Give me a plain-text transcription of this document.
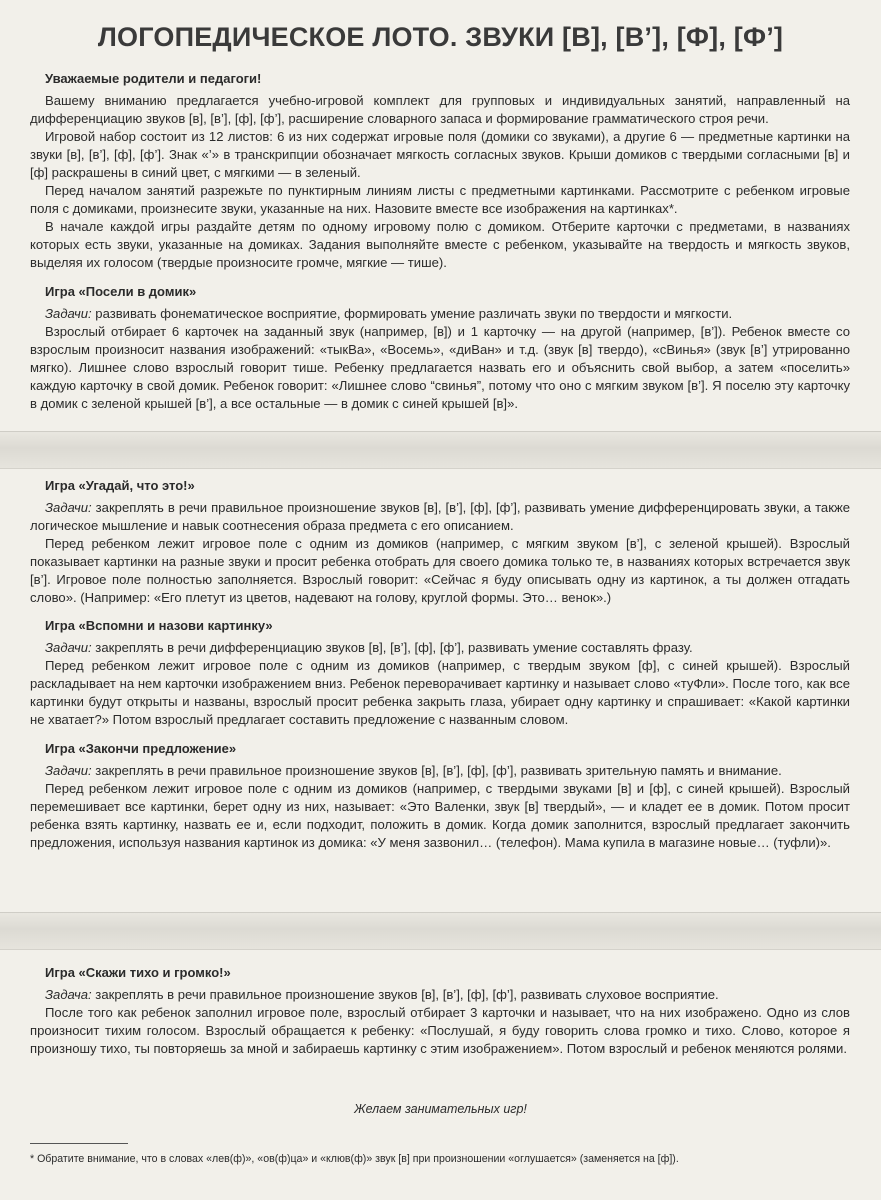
ЛОГОПЕДИЧЕСКОЕ ЛОТО. ЗВУКИ [В], [В’], [Ф], [Ф’]
Уважаемые родители и педагоги!

Вашему вниманию предлагается учебно-игровой комплект для групповых и индивидуальных занятий, направленный на дифференциацию звуков [в], [в’], [ф], [ф’], расширение словарного запаса и формирование грамматического строя речи.

Игровой набор состоит из 12 листов: 6 из них содержат игровые поля (домики со звуками), а другие 6 — предметные картинки на звуки [в], [в’], [ф], [ф’]. Знак «’» в транскрипции обозначает мягкость согласных звуков. Крыши домиков с твердыми согласными [в] и [ф] раскрашены в синий цвет, с мягкими — в зеленый.

Перед началом занятий разрежьте по пунктирным линиям листы с предметными картинками. Рассмотрите с ребенком игровые поля с домиками, произнесите звуки, указанные на них. Назовите вместе все изображения на картинках*.

В начале каждой игры раздайте детям по одному игровому полю с домиком. Отберите карточки с предметами, в названиях которых есть звуки, указанные на домиках. Задания выполняйте вместе с ребенком, указывайте на твердость и мягкость звуков, выделяя их голосом (твердые произносите громче, мягкие — тише).

Игра «Посели в домик»

Задачи: развивать фонематическое восприятие, формировать умение различать звуки по твердости и мягкости.

Взрослый отбирает 6 карточек на заданный звук (например, [в]) и 1 карточку — на другой (например, [в’]). Ребенок вместе со взрослым произносит названия изображений: «тыкВа», «Восемь», «диВан» и т.д. (звук [в] твердо), «сВинья» (звук [в’] утрированно мягко). Лишнее слово взрослый говорит тише. Ребенку предлагается назвать его и объяснить свой выбор, а затем «поселить» каждую карточку в свой домик. Ребенок говорит: «Лишнее слово “свинья”, потому что оно с мягким звуком [в’]. Я поселю эту карточку в домик с зеленой крышей [в’], а все остальные — в домик с синей крышей [в]».

Игра «Угадай, что это!»

Задачи: закреплять в речи правильное произношение звуков [в], [в’], [ф], [ф’], развивать умение дифференцировать звуки, а также логическое мышление и навык соотнесения образа предмета с его описанием.

Перед ребенком лежит игровое поле с одним из домиков (например, с мягким звуком [в’], с зеленой крышей). Взрослый показывает картинки на разные звуки и просит ребенка отобрать для своего домика только те, в названиях которых встречается звук [в’]. Игровое поле полностью заполняется. Взрослый говорит: «Сейчас я буду описывать одну из картинок, а ты должен отгадать слово». (Например: «Его плетут из цветов, надевают на голову, круглой формы. Это… венок».)

Игра «Вспомни и назови картинку»

Задачи: закреплять в речи дифференциацию звуков [в], [в’], [ф], [ф’], развивать умение составлять фразу.

Перед ребенком лежит игровое поле с одним из домиков (например, с твердым звуком [ф], с синей крышей). Взрослый раскладывает на нем карточки изображением вниз. Ребенок переворачивает картинку и называет слово «туФли». После того, как все картинки будут открыты и названы, взрослый просит ребенка закрыть глаза, убирает одну картинку и спрашивает: «Какой картинки не хватает?» Потом взрослый предлагает составить предложение с названным словом.

Игра «Закончи предложение»

Задачи: закреплять в речи правильное произношение звуков [в], [в’], [ф], [ф’], развивать зрительную память и внимание.

Перед ребенком лежит игровое поле с одним из домиков (например, с твердыми звуками [в] и [ф], с синей крышей). Взрослый перемешивает все картинки, берет одну из них, называет: «Это Валенки, звук [в] твердый», — и кладет ее в домик. Потом просит ребенка взять картинку, назвать ее и, если подходит, положить в домик. Когда домик заполнится, взрослый предлагает закончить предложения, используя названия картинок из домика: «У меня зазвонил… (телефон). Мама купила в магазине новые… (туфли)».

Игра «Скажи тихо и громко!»

Задача: закреплять в речи правильное произношение звуков [в], [в’], [ф], [ф’], развивать слуховое восприятие.

После того как ребенок заполнил игровое поле, взрослый отбирает 3 карточки и называет, что на них изображено. Одно из слов произносит тихим голосом. Взрослый обращается к ребенку: «Послушай, я буду говорить слова громко и тихо. Слово, которое я произношу тихо, ты повторяешь за мной и забираешь картинку с этим изображением». Потом взрослый и ребенок меняются ролями.

Желаем занимательных игр!
* Обратите внимание, что в словах «лев(ф)», «ов(ф)ца» и «клюв(ф)» звук [в] при произношении «оглушается» (заменяется на [ф]).
